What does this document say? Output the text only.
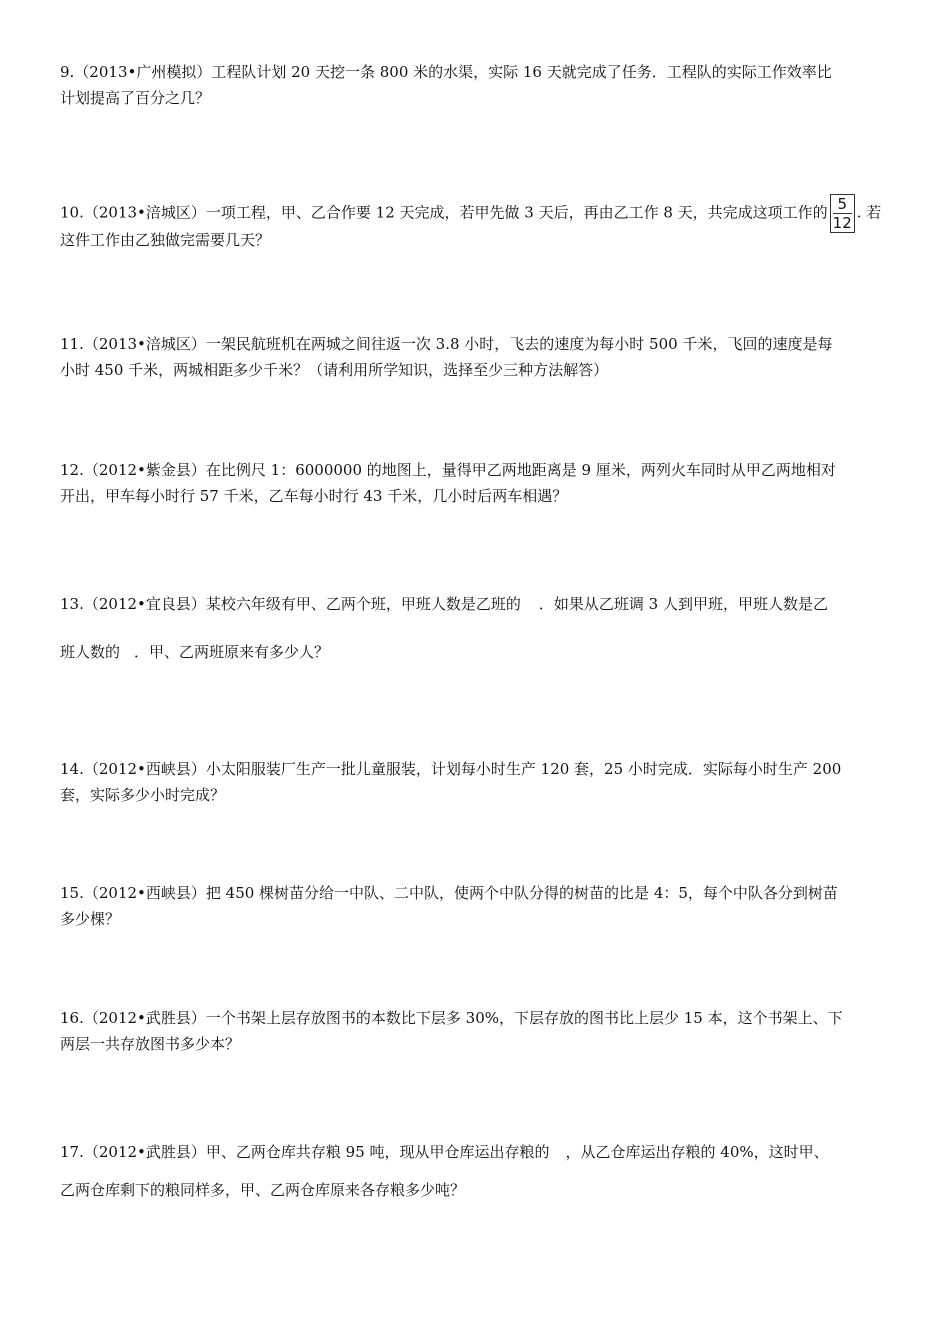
9.（2013•广州模拟）工程队计划 20 天挖一条 800 米的水渠，实际 16 天就完成了任务．工程队的实际工作效率比
计划提高了百分之几？
10.（2013•涪城区）一项工程，甲、乙合作要 12 天完成，若甲先做 3 天后，再由乙工作 8 天，共完成这项工作的 $\frac{5}{12}$ . 若
这件工作由乙独做完需要几天？
11.（2013•涪城区）一架民航班机在两城之间往返一次 3.8 小时，飞去的速度为每小时 500 千米，飞回的速度是每
小时 450 千米，两城相距多少千米？（请利用所学知识，选择至少三种方法解答）
12.（2012•紫金县）在比例尺 1：6000000 的地图上，量得甲乙两地距离是 9 厘米，两列火车同时从甲乙两地相对
开出，甲车每小时行 57 千米，乙车每小时行 43 千米，几小时后两车相遇？
13.（2012•宜良县）某校六年级有甲、乙两个班，甲班人数是乙班的 ．如果从乙班调 3 人到甲班，甲班人数是乙
班人数的 ．甲、乙两班原来有多少人？
14.（2012•西峡县）小太阳服装厂生产一批儿童服装，计划每小时生产 120 套，25 小时完成．实际每小时生产 200
套，实际多少小时完成？
15.（2012•西峡县）把 450 棵树苗分给一中队、二中队，使两个中队分得的树苗的比是 4：5，每个中队各分到树苗
多少棵？
16.（2012•武胜县）一个书架上层存放图书的本数比下层多 30%，下层存放的图书比上层少 15 本，这个书架上、下
两层一共存放图书多少本？
17.（2012•武胜县）甲、乙两仓库共存粮 95 吨，现从甲仓库运出存粮的 ，从乙仓库运出存粮的 40%，这时甲、
乙两仓库剩下的粮同样多，甲、乙两仓库原来各存粮多少吨？
